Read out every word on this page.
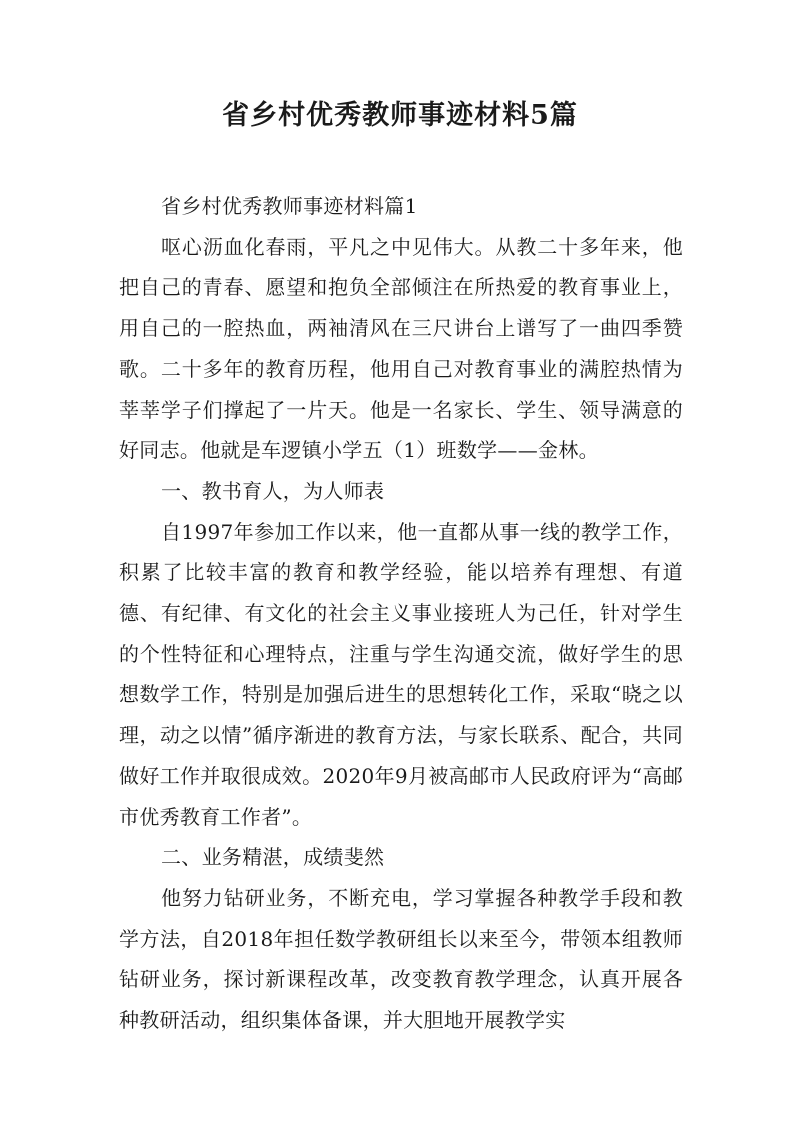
省乡村优秀教师事迹材料5篇

省乡村优秀教师事迹材料篇1

呕心沥血化春雨，平凡之中见伟大。从教二十多年来，他把自己的青春、愿望和抱负全部倾注在所热爱的教育事业上，用自己的一腔热血，两袖清风在三尺讲台上谱写了一曲四季赞歌。二十多年的教育历程，他用自己对教育事业的满腔热情为莘莘学子们撑起了一片天。他是一名家长、学生、领导满意的好同志。他就是车逻镇小学五（1）班数学——金林。

一、教书育人，为人师表

自1997年参加工作以来，他一直都从事一线的教学工作，积累了比较丰富的教育和教学经验，能以培养有理想、有道德、有纪律、有文化的社会主义事业接班人为己任，针对学生的个性特征和心理特点，注重与学生沟通交流，做好学生的思想数学工作，特别是加强后进生的思想转化工作，采取“晓之以理，动之以情”循序渐进的教育方法，与家长联系、配合，共同做好工作并取很成效。2020年9月被高邮市人民政府评为“高邮市优秀教育工作者”。

二、业务精湛，成绩斐然

他努力钻研业务，不断充电，学习掌握各种教学手段和教学方法，自2018年担任数学教研组长以来至今，带领本组教师钻研业务，探讨新课程改革，改变教育教学理念，认真开展各种教研活动，组织集体备课，并大胆地开展教学实
